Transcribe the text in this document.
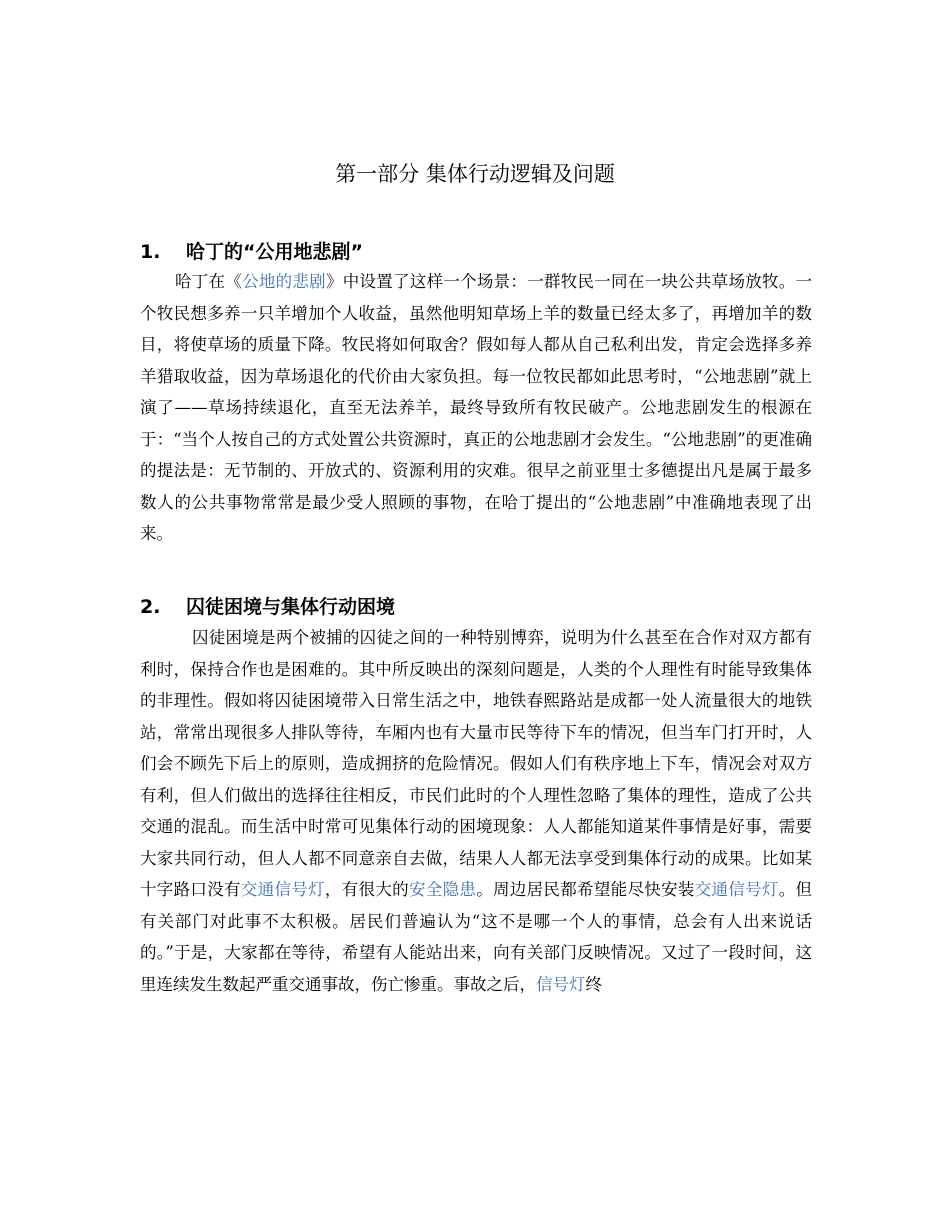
第一部分 集体行动逻辑及问题
1. 哈丁的“公用地悲剧”
哈丁在《公地的悲剧》中设置了这样一个场景：一群牧民一同在一块公共草场放牧。一个牧民想多养一只羊增加个人收益，虽然他明知草场上羊的数量已经太多了，再增加羊的数目，将使草场的质量下降。牧民将如何取舍？假如每人都从自己私利出发，肯定会选择多养羊猎取收益，因为草场退化的代价由大家负担。每一位牧民都如此思考时，“公地悲剧”就上演了——草场持续退化，直至无法养羊，最终导致所有牧民破产。公地悲剧发生的根源在于：“当个人按自己的方式处置公共资源时，真正的公地悲剧才会发生。“公地悲剧”的更准确的提法是：无节制的、开放式的、资源利用的灾难。很早之前亚里士多德提出凡是属于最多数人的公共事物常常是最少受人照顾的事物，在哈丁提出的“公地悲剧”中准确地表现了出来。
2. 囚徒困境与集体行动困境
囚徒困境是两个被捕的囚徒之间的一种特别博弈，说明为什么甚至在合作对双方都有利时，保持合作也是困难的。其中所反映出的深刻问题是，人类的个人理性有时能导致集体的非理性。假如将囚徒困境带入日常生活之中，地铁春熙路站是成都一处人流量很大的地铁站，常常出现很多人排队等待，车厢内也有大量市民等待下车的情况，但当车门打开时，人们会不顾先下后上的原则，造成拥挤的危险情况。假如人们有秩序地上下车，情况会对双方有利，但人们做出的选择往往相反，市民们此时的个人理性忽略了集体的理性，造成了公共交通的混乱。而生活中时常可见集体行动的困境现象：人人都能知道某件事情是好事，需要大家共同行动，但人人都不同意亲自去做，结果人人都无法享受到集体行动的成果。比如某十字路口没有交通信号灯，有很大的安全隐患。周边居民都希望能尽快安装交通信号灯。但有关部门对此事不太积极。居民们普遍认为“这不是哪一个人的事情，总会有人出来说话的。”于是，大家都在等待，希望有人能站出来，向有关部门反映情况。又过了一段时间，这里连续发生数起严重交通事故，伤亡惨重。事故之后，信号灯终
